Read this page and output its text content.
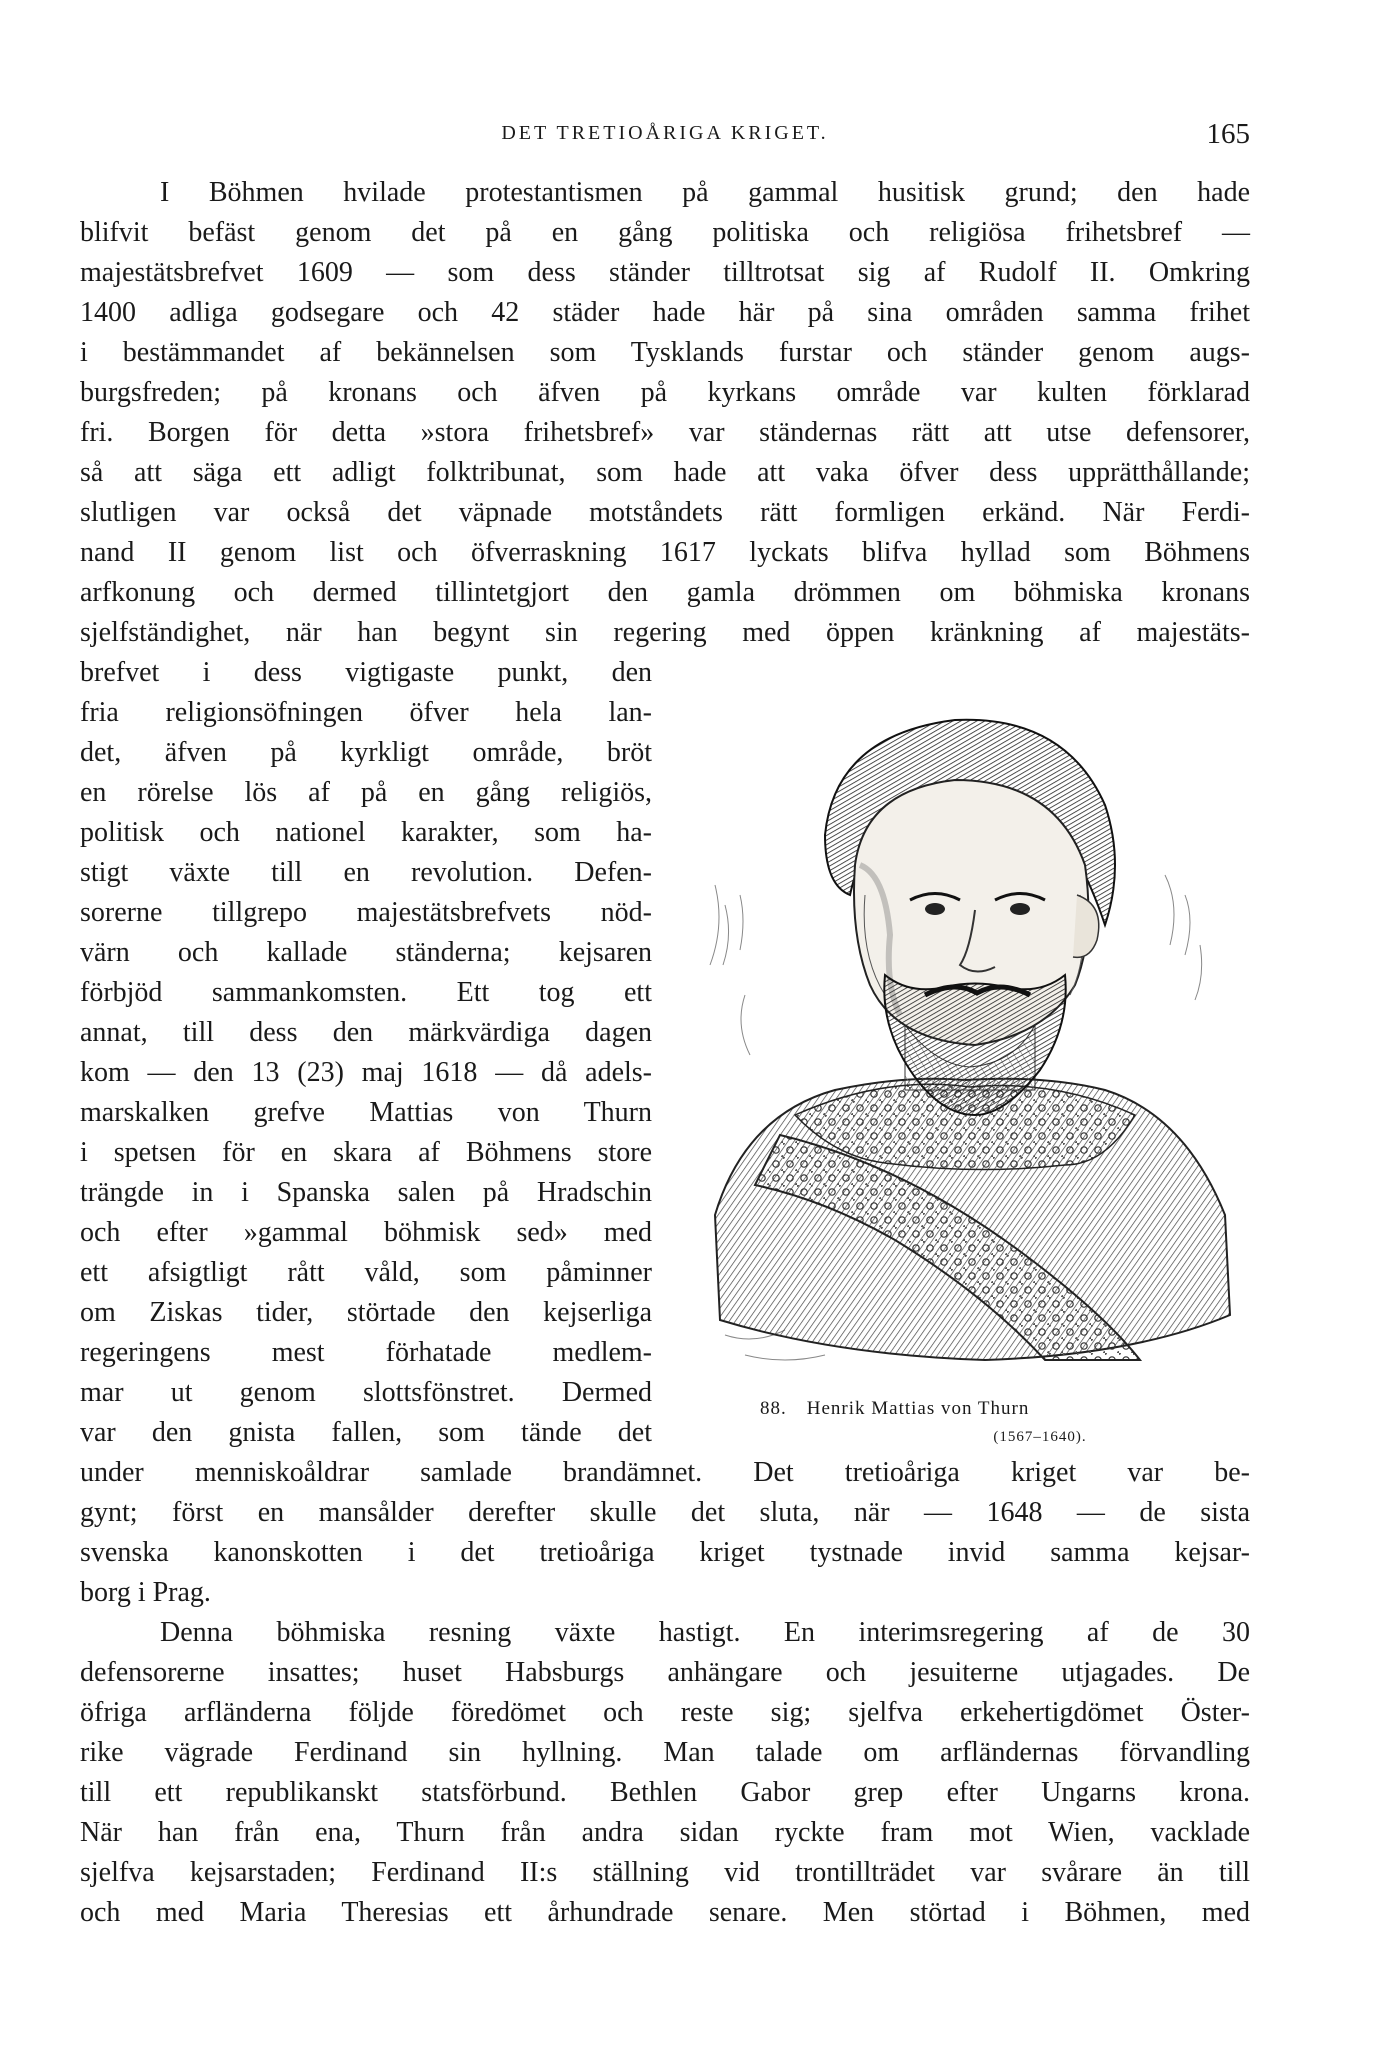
DET TRETIOÅRIGA KRIGET.	165
I Böhmen hvilade protestantismen på gammal husitisk grund; den hade
blifvit befäst genom det på en gång politiska och religiösa frihetsbref —
majestätsbrefvet 1609 — som dess ständer tilltrotsat sig af Rudolf II. Omkring
1400 adliga godsegare och 42 städer hade här på sina områden samma frihet
i bestämmandet af bekännelsen som Tysklands furstar och ständer genom augs-
burgsfreden; på kronans och äfven på kyrkans område var kulten förklarad
fri. Borgen för detta »stora frihetsbref» var ständernas rätt att utse defensorer,
så att säga ett adligt folktribunat, som hade att vaka öfver dess upprätthållande;
slutligen var också det väpnade motståndets rätt formligen erkänd. När Ferdi-
nand II genom list och öfverraskning 1617 lyckats blifva hyllad som Böhmens
arfkonung och dermed tillintetgjort den gamla drömmen om böhmiska kronans
sjelfständighet, när han begynt sin regering med öppen kränkning af majestäts-
brefvet i dess vigtigaste punkt, den
fria religionsöfningen öfver hela lan-
det, äfven på kyrkligt område, bröt
en rörelse lös af på en gång religiös,
politisk och nationel karakter, som ha-
stigt växte till en revolution. Defen-
sorerne tillgrepo majestätsbrefvets nöd-
värn och kallade ständerna; kejsaren
förbjöd sammankomsten. Ett tog ett
annat, till dess den märkvärdiga dagen
kom — den 13 (23) maj 1618 — då adels-
marskalken grefve Mattias von Thurn
i spetsen för en skara af Böhmens store
trängde in i Spanska salen på Hradschin
och efter »gammal böhmisk sed» med
ett afsigtligt rått våld, som påminner
om Ziskas tider, störtade den kejserliga
regeringens mest förhatade medlem-
mar ut genom slottsfönstret. Dermed
var den gnista fallen, som tände det
88. Henrik Mattias von Thurn
(1567–1640).
under menniskoåldrar samlade brandämnet. Det tretioåriga kriget var be-
gynt; först en mansålder derefter skulle det sluta, när — 1648 — de sista
svenska kanonskotten i det tretioåriga kriget tystnade invid samma kejsar-
borg i Prag.
Denna böhmiska resning växte hastigt. En interimsregering af de 30
defensorerne insattes; huset Habsburgs anhängare och jesuiterne utjagades. De
öfriga arfländerna följde föredömet och reste sig; sjelfva erkehertigdömet Öster-
rike vägrade Ferdinand sin hyllning. Man talade om arfländernas förvandling
till ett republikanskt statsförbund. Bethlen Gabor grep efter Ungarns krona.
När han från ena, Thurn från andra sidan ryckte fram mot Wien, vacklade
sjelfva kejsarstaden; Ferdinand II:s ställning vid trontillträdet var svårare än till
och med Maria Theresias ett århundrade senare. Men störtad i Böhmen, med
